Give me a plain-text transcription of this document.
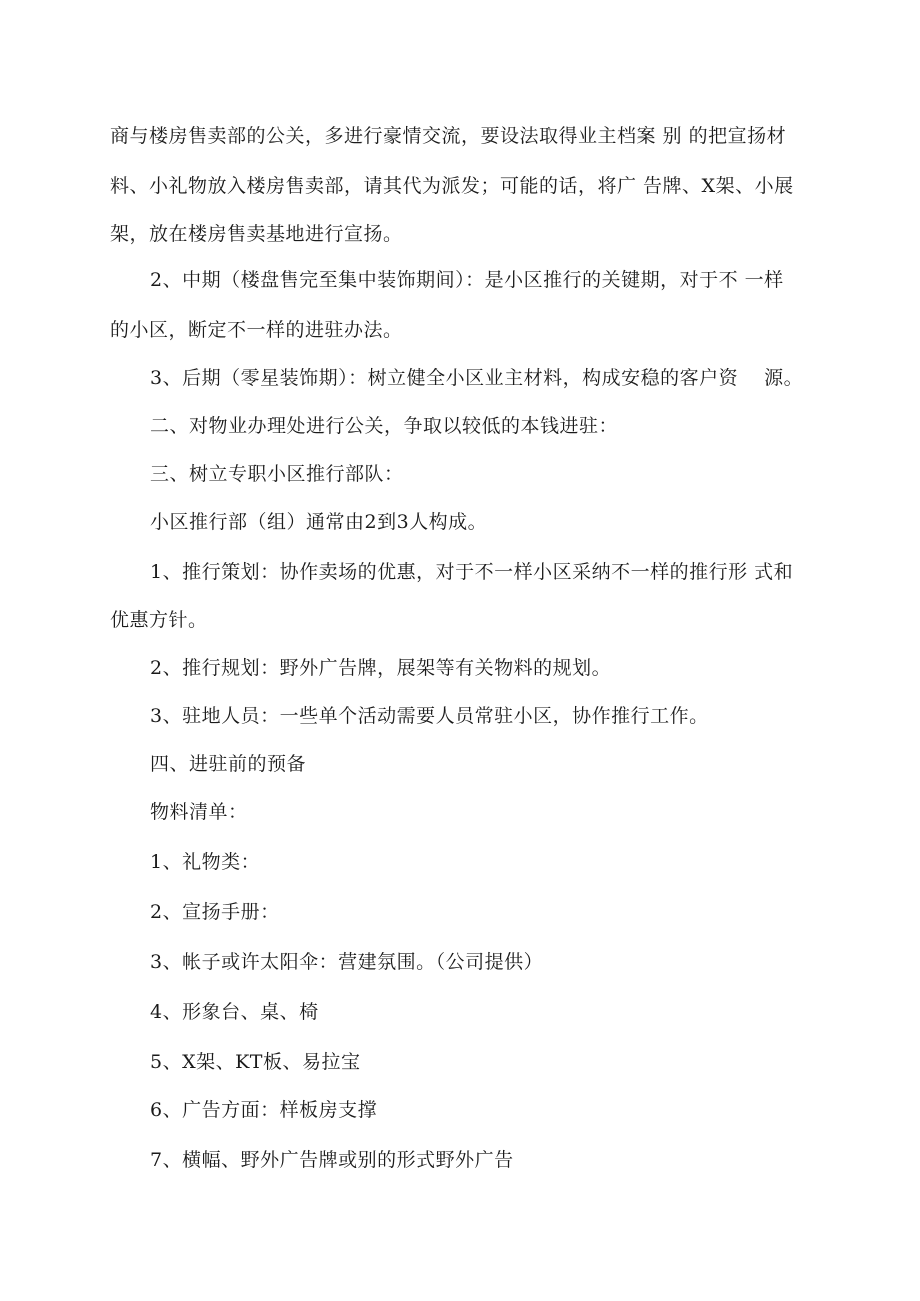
商与楼房售卖部的公关，多进行豪情交流，要设法取得业主档案 别 的把宣扬材
料、小礼物放入楼房售卖部，请其代为派发；可能的话，将广 告牌、X架、小展
架，放在楼房售卖基地进行宣扬。
2、中期（楼盘售完至集中装饰期间）：是小区推行的关键期，对于不 一样
的小区，断定不一样的进驻办法。
3、后期（零星装饰期）：树立健全小区业主材料，构成安稳的客户资　 源。
二、对物业办理处进行公关，争取以较低的本钱进驻：
三、树立专职小区推行部队：
小区推行部（组）通常由2到3人构成。
1、推行策划：协作卖场的优惠，对于不一样小区采纳不一样的推行形 式和
优惠方针。
2、推行规划：野外广告牌，展架等有关物料的规划。
3、驻地人员：一些单个活动需要人员常驻小区，协作推行工作。
四、进驻前的预备
物料清单：
1、礼物类：
2、宣扬手册：
3、帐子或许太阳伞：营建氛围。（公司提供）
4、形象台、桌、椅
5、X架、KT板、易拉宝
6、广告方面：样板房支撑
7、横幅、野外广告牌或别的形式野外广告
